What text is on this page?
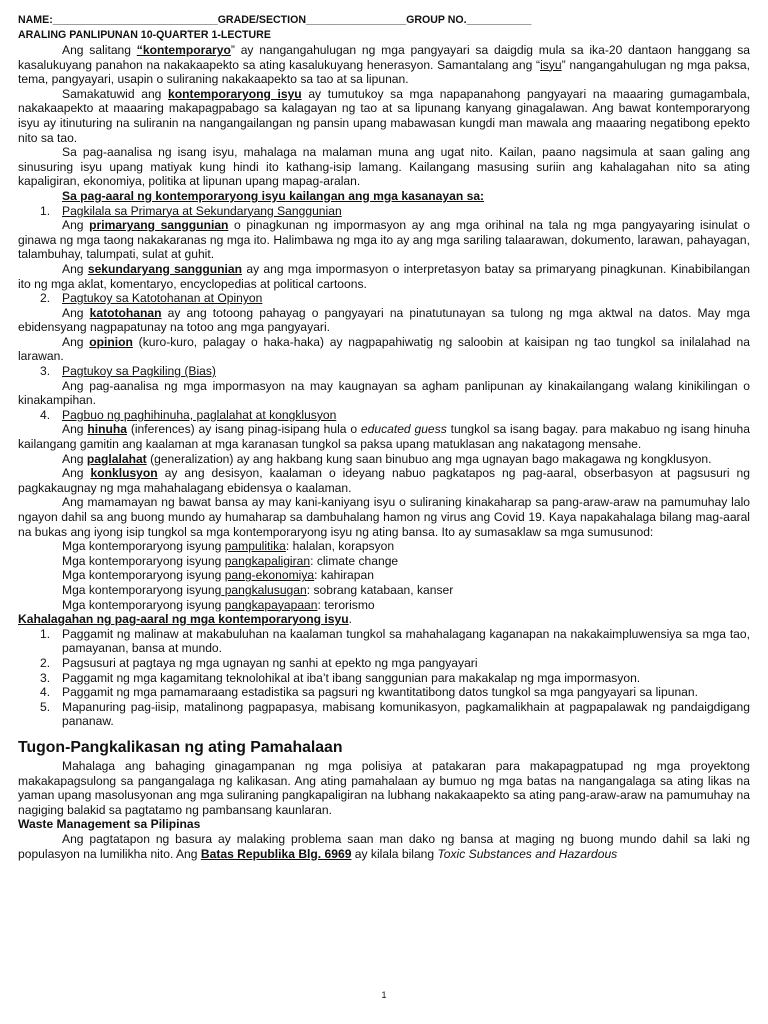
NAME:____________________________GRADE/SECTION_________________GROUP NO.___________
ARALING PANLIPUNAN 10-QUARTER 1-LECTURE

Ang salitang “kontemporaryo” ay nangangahulugan ng mga pangyayari sa daigdig mula sa ika-20 dantaon hanggang sa kasalukuyang panahon na nakakaapekto sa ating kasalukuyang henerasyon. Samantalang ang “isyu” nangangahulugan ng mga paksa, tema, pangyayari, usapin o suliraning nakakaapekto sa tao at sa lipunan.

Samakatuwid ang kontemporaryong isyu ay tumutukoy sa mga napapanahong pangyayari na maaaring gumagambala, nakakaapekto at maaaring makapagpabago sa kalagayan ng tao at sa lipunang kanyang ginagalawan. Ang bawat kontemporaryong isyu ay itinuturing na suliranin na nangangailangan ng pansin upang mabawasan kungdi man mawala ang maaaring negatibong epekto nito sa tao.

Sa pag-aanalisa ng isang isyu, mahalaga na malaman muna ang ugat nito. Kailan, paano nagsimula at saan galing ang sinusuring isyu upang matiyak kung hindi ito kathang-isip lamang. Kailangang masusing suriin ang kahalagahan nito sa ating kapaligiran, ekonomiya, politika at lipunan upang mapag-aralan.

Sa pag-aaral ng kontemporaryong isyu kailangan ang mga kasanayan sa:

1. Pagkilala sa Primarya at Sekundaryang Sanggunian

Ang primaryang sanggunian o pinagkunan ng impormasyon ay ang mga orihinal na tala ng mga pangyayaring isinulat o ginawa ng mga taong nakakaranas ng mga ito. Halimbawa ng mga ito ay ang mga sariling talaarawan, dokumento, larawan, pahayagan, talambuhay, talumpati, sulat at guhit.

Ang sekundaryang sanggunian ay ang mga impormasyon o interpretasyon batay sa primaryang pinagkunan. Kinabibilangan ito ng mga aklat, komentaryo, encyclopedias at political cartoons.

2. Pagtukoy sa Katotohanan at Opinyon

Ang katotohanan ay ang totoong pahayag o pangyayari na pinatutunayan sa tulong ng mga aktwal na datos. May mga ebidensyang nagpapatunay na totoo ang mga pangyayari.

Ang opinion (kuro-kuro, palagay o haka-haka) ay nagpapahiwatig ng saloobin at kaisipan ng tao tungkol sa inilalahad na larawan.

3. Pagtukoy sa Pagkiling (Bias)

Ang pag-aanalisa ng mga impormasyon na may kaugnayan sa agham panlipunan ay kinakailangang walang kinikilingan o kinakampihan.

4. Pagbuo ng paghihinuha, paglalahat at kongklusyon

Ang hinuha (inferences) ay isang pinag-isipang hula o educated guess tungkol sa isang bagay. para makabuo ng isang hinuha kailangang gamitin ang kaalaman at mga karanasan tungkol sa paksa upang matuklasan ang nakatagong mensahe.

Ang paglalahat (generalization) ay ang hakbang kung saan binubuo ang mga ugnayan bago makagawa ng kongklusyon.

Ang konklusyon ay ang desisyon, kaalaman o ideyang nabuo pagkatapos ng pag-aaral, obserbasyon at pagsusuri ng pagkakaugnay ng mga mahahalagang ebidensya o kaalaman.

Ang mamamayan ng bawat bansa ay may kani-kaniyang isyu o suliraning kinakaharap sa pang-araw-araw na pamumuhay lalo ngayon dahil sa ang buong mundo ay humaharap sa dambuhalang hamon ng virus ang Covid 19. Kaya napakahalaga bilang mag-aaral na bukas ang iyong isip tungkol sa mga kontemporaryong isyu ng ating bansa. Ito ay sumasaklaw sa mga sumusunod:

Mga kontemporaryong isyung pampulitika: halalan, korapsyon
Mga kontemporaryong isyung pangkapaligiran: climate change
Mga kontemporaryong isyung pang-ekonomiya: kahirapan
Mga kontemporaryong isyung pangkalusugan: sobrang katabaan, kanser
Mga kontemporaryong isyung pangkapayapaan: terorismo

Kahalagahan ng pag-aaral ng mga kontemporaryong isyu.

1. Paggamit ng malinaw at makabuluhan na kaalaman tungkol sa mahahalagang kaganapan na nakakaimpluwensiya sa mga tao, pamayanan, bansa at mundo.
2. Pagsusuri at pagtaya ng mga ugnayan ng sanhi at epekto ng mga pangyayari
3. Paggamit ng mga kagamitang teknolohikal at iba’t ibang sanggunian para makakalap ng mga impormasyon.
4. Paggamit ng mga pamamaraang estadistika sa pagsuri ng kwantitatibong datos tungkol sa mga pangyayari sa lipunan.
5. Mapanuring pag-iisip, matalinong pagpapasya, mabisang komunikasyon, pagkamalikhain at pagpapalawak ng pandaigdigang pananaw.
Tugon-Pangkalikasan ng ating Pamahalaan

Mahalaga ang bahaging ginagampanan ng mga polisiya at patakaran para makapagpatupad ng mga proyektong makakapagsulong sa pangangalaga ng kalikasan. Ang ating pamahalaan ay bumuo ng mga batas na nangangalaga sa ating likas na yaman upang masolusyonan ang mga suliraning pangkapaligiran na lubhang nakakaapekto sa ating pang-araw-araw na pamumuhay na nagiging balakid sa pagtatamo ng pambansang kaunlaran.

Waste Management sa Pilipinas

Ang pagtatapon ng basura ay malaking problema saan man dako ng bansa at maging ng buong mundo dahil sa laki ng populasyon na lumilikha nito. Ang Batas Republika Blg. 6969 ay kilala bilang Toxic Substances and Hazardous

1
